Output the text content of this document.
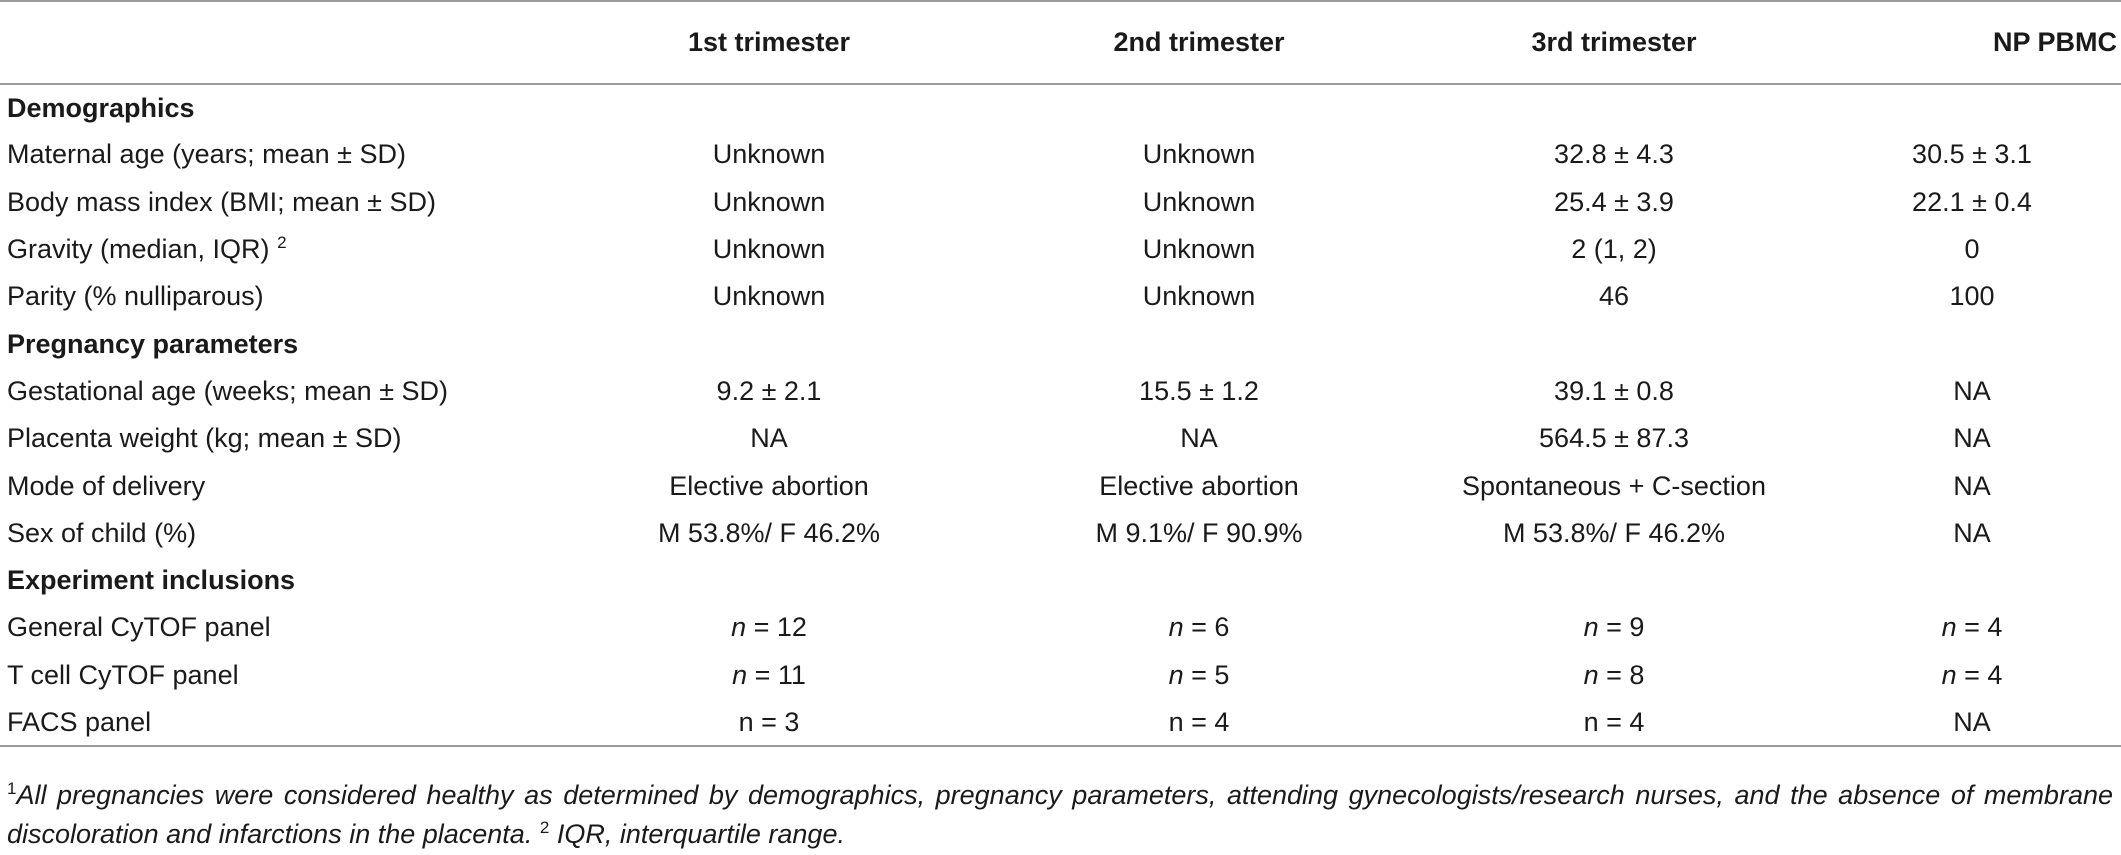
	1st trimester	2nd trimester	3rd trimester	NP PBMC
Demographics				
Maternal age (years; mean ± SD)	Unknown	Unknown	32.8 ± 4.3	30.5 ± 3.1
Body mass index (BMI; mean ± SD)	Unknown	Unknown	25.4 ± 3.9	22.1 ± 0.4
Gravity (median, IQR) $^2$	Unknown	Unknown	2 (1, 2)	0
Parity (% nulliparous)	Unknown	Unknown	46	100
Pregnancy parameters				
Gestational age (weeks; mean ± SD)	9.2 ± 2.1	15.5 ± 1.2	39.1 ± 0.8	NA
Placenta weight (kg; mean ± SD)	NA	NA	564.5 ± 87.3	NA
Mode of delivery	Elective abortion	Elective abortion	Spontaneous + C-section	NA
Sex of child (%)	M 53.8%/ F 46.2%	M 9.1%/ F 90.9%	M 53.8%/ F 46.2%	NA
Experiment inclusions				
General CyTOF panel	n = 12	n = 6	n = 9	n = 4
T cell CyTOF panel	n = 11	n = 5	n = 8	n = 4
FACS panel	n = 3	n = 4	n = 4	NA
$^1$All pregnancies were considered healthy as determined by demographics, pregnancy parameters, attending gynecologists/research nurses, and the absence of membrane discoloration and infarctions in the placenta. $^2$ IQR, interquartile range.
